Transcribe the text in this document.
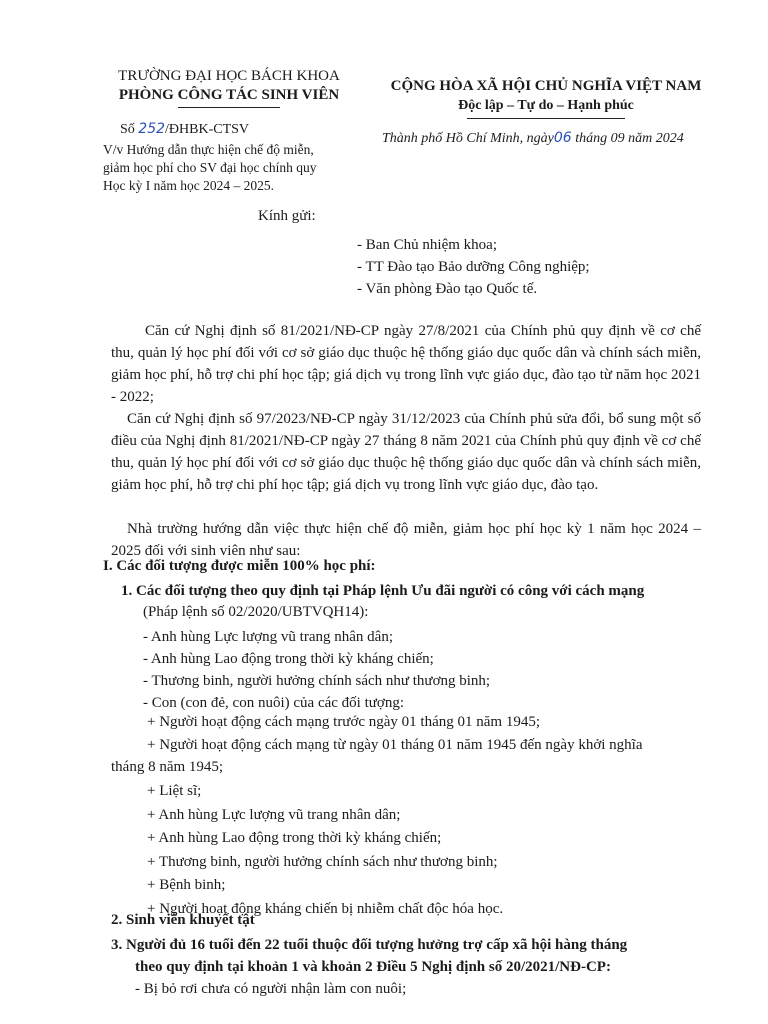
TRƯỜNG ĐẠI HỌC BÁCH KHOA
PHÒNG CÔNG TÁC SINH VIÊN
CỘNG HÒA XÃ HỘI CHỦ NGHĨA VIỆT NAM
Độc lập – Tự do – Hạnh phúc
Số 252/ĐHBK-CTSV
Thành phố Hồ Chí Minh, ngày06 tháng 09 năm 2024
V/v Hướng dẫn thực hiện chế độ miễn,
giảm học phí cho SV đại học chính quy
Học kỳ I năm học 2024 – 2025.
Kính gửi:
- Ban Chủ nhiệm khoa;
- TT Đào tạo Bảo dưỡng Công nghiệp;
- Văn phòng Đào tạo Quốc tế.
Căn cứ Nghị định số 81/2021/NĐ-CP ngày 27/8/2021 của Chính phủ quy định về cơ chế thu, quản lý học phí đối với cơ sở giáo dục thuộc hệ thống giáo dục quốc dân và chính sách miễn, giảm học phí, hỗ trợ chi phí học tập; giá dịch vụ trong lĩnh vực giáo dục, đào tạo từ năm học 2021 - 2022;
Căn cứ Nghị định số 97/2023/NĐ-CP ngày 31/12/2023 của Chính phủ sửa đổi, bổ sung một số điều của Nghị định 81/2021/NĐ-CP ngày 27 tháng 8 năm 2021 của Chính phủ quy định về cơ chế thu, quản lý học phí đối với cơ sở giáo dục thuộc hệ thống giáo dục quốc dân và chính sách miễn, giảm học phí, hỗ trợ chi phí học tập; giá dịch vụ trong lĩnh vực giáo dục, đào tạo.
Nhà trường hướng dẫn việc thực hiện chế độ miễn, giảm học phí học kỳ 1 năm học 2024 – 2025 đối với sinh viên như sau:
I. Các đối tượng được miễn 100% học phí:
1. Các đối tượng theo quy định tại Pháp lệnh Ưu đãi người có công với cách mạng
(Pháp lệnh số 02/2020/UBTVQH14):
- Anh hùng Lực lượng vũ trang nhân dân;
- Anh hùng Lao động trong thời kỳ kháng chiến;
- Thương binh, người hưởng chính sách như thương binh;
- Con (con đẻ, con nuôi) của các đối tượng:
+ Người hoạt động cách mạng trước ngày 01 tháng 01 năm 1945;
+ Người hoạt động cách mạng từ ngày 01 tháng 01 năm 1945 đến ngày khởi nghĩa
tháng 8 năm 1945;
+ Liệt sĩ;
+ Anh hùng Lực lượng vũ trang nhân dân;
+ Anh hùng Lao động trong thời kỳ kháng chiến;
+ Thương binh, người hưởng chính sách như thương binh;
+ Bệnh binh;
+ Người hoạt động kháng chiến bị nhiễm chất độc hóa học.
2. Sinh viên khuyết tật
3. Người đủ 16 tuổi đến 22 tuổi thuộc đối tượng hưởng trợ cấp xã hội hàng tháng
theo quy định tại khoản 1 và khoản 2 Điều 5 Nghị định số 20/2021/NĐ-CP:
- Bị bỏ rơi chưa có người nhận làm con nuôi;
